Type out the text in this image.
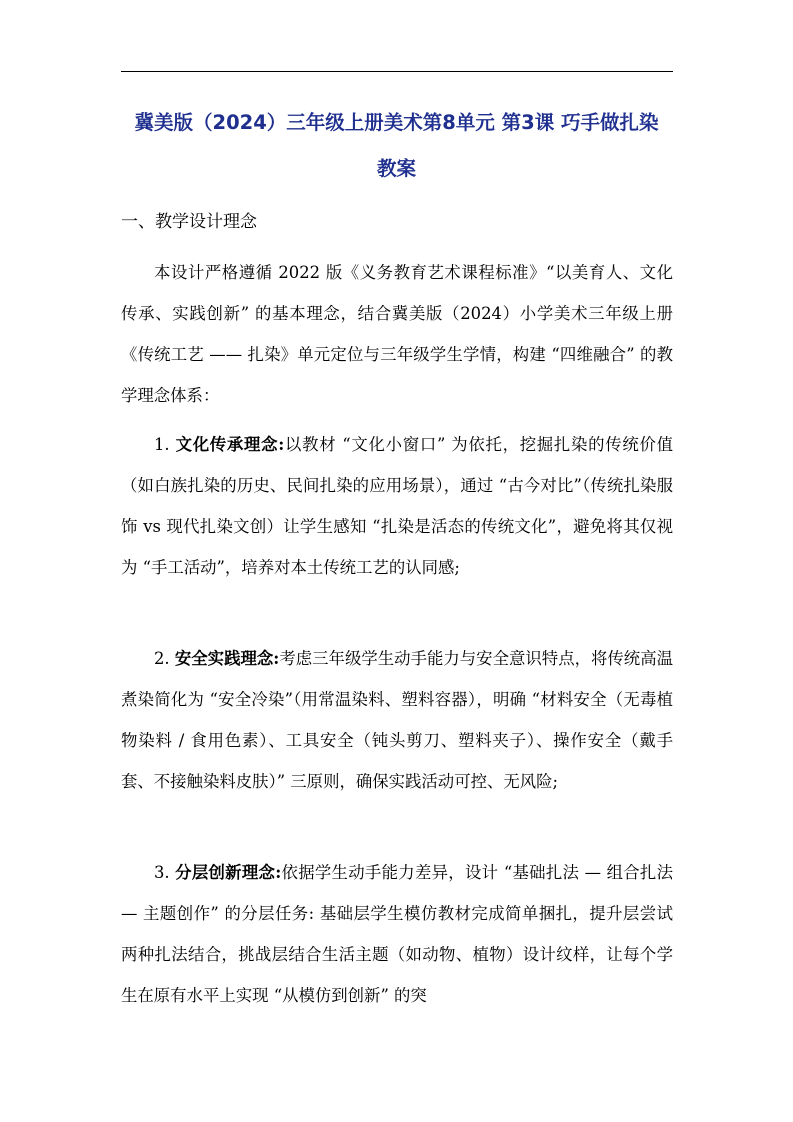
冀美版（2024）三年级上册美术第8单元 第3课 巧手做扎染
教案
一、教学设计理念
本设计严格遵循 2022 版《义务教育艺术课程标准》“以美育人、文化传承、实践创新” 的基本理念，结合冀美版（2024）小学美术三年级上册《传统工艺 —— 扎染》单元定位与三年级学生学情，构建 “四维融合” 的教学理念体系：
1. 文化传承理念:以教材 “文化小窗口” 为依托，挖掘扎染的传统价值（如白族扎染的历史、民间扎染的应用场景），通过 “古今对比”（传统扎染服饰 vs 现代扎染文创）让学生感知 “扎染是活态的传统文化”，避免将其仅视为 “手工活动”，培养对本土传统工艺的认同感;
2. 安全实践理念:考虑三年级学生动手能力与安全意识特点，将传统高温煮染简化为 “安全冷染”（用常温染料、塑料容器），明确 “材料安全（无毒植物染料 / 食用色素）、工具安全（钝头剪刀、塑料夹子）、操作安全（戴手套、不接触染料皮肤）” 三原则，确保实践活动可控、无风险;
3. 分层创新理念:依据学生动手能力差异，设计 “基础扎法 — 组合扎法 — 主题创作” 的分层任务: 基础层学生模仿教材完成简单捆扎，提升层尝试两种扎法结合，挑战层结合生活主题（如动物、植物）设计纹样，让每个学生在原有水平上实现 “从模仿到创新” 的突
